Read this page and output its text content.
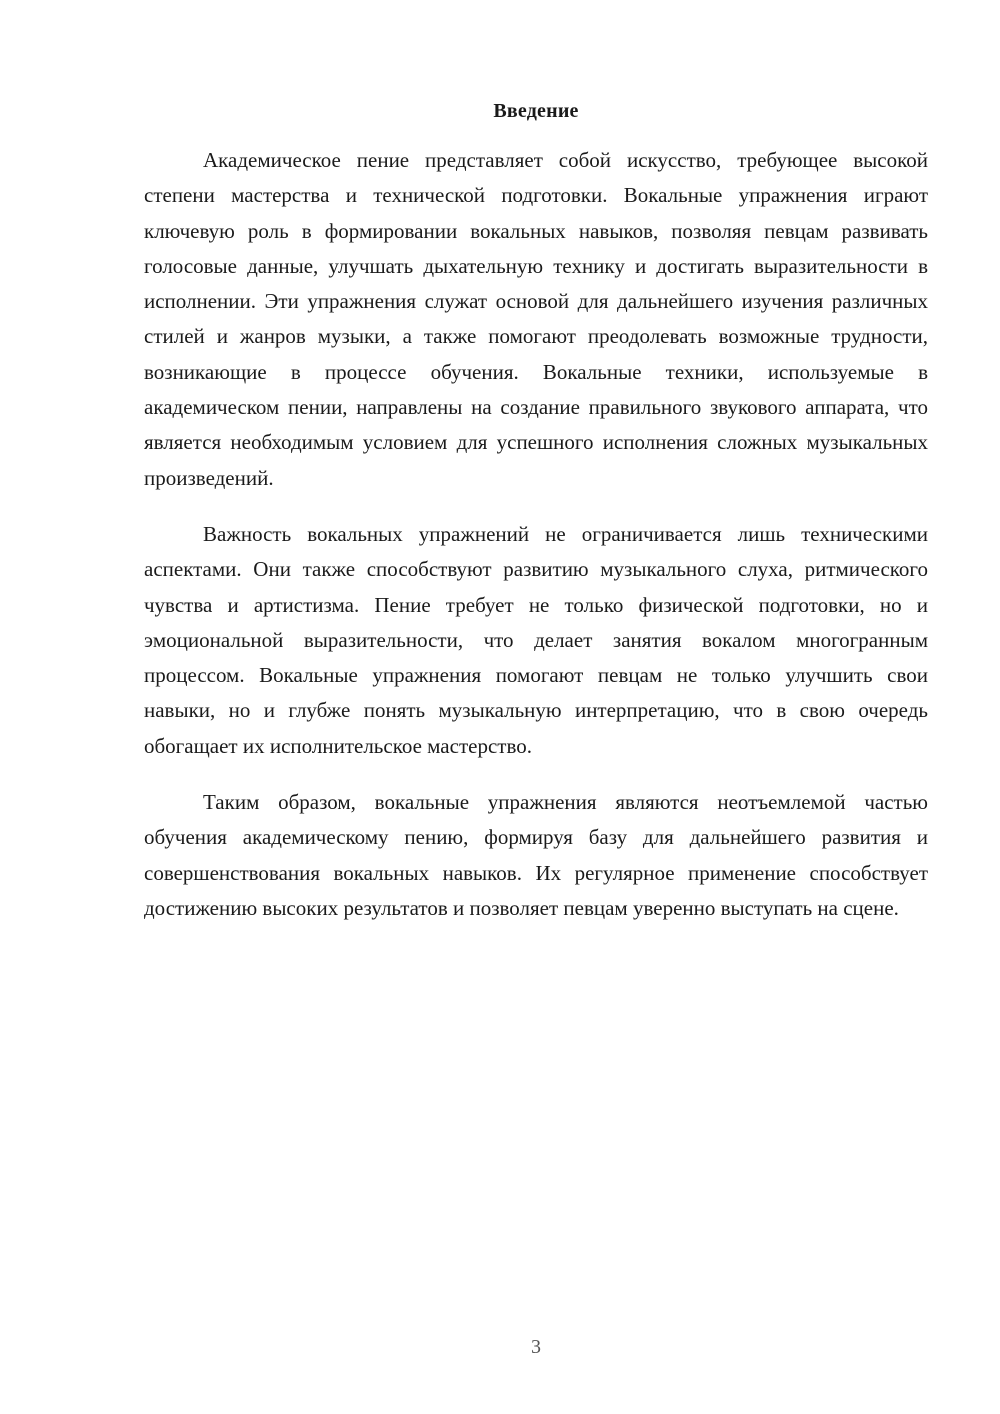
Введение

Академическое пение представляет собой искусство, требующее высокой степени мастерства и технической подготовки. Вокальные упражнения играют ключевую роль в формировании вокальных навыков, позволяя певцам развивать голосовые данные, улучшать дыхательную технику и достигать выразительности в исполнении. Эти упражнения служат основой для дальнейшего изучения различных стилей и жанров музыки, а также помогают преодолевать возможные трудности, возникающие в процессе обучения. Вокальные техники, используемые в академическом пении, направлены на создание правильного звукового аппарата, что является необходимым условием для успешного исполнения сложных музыкальных произведений.

Важность вокальных упражнений не ограничивается лишь техническими аспектами. Они также способствуют развитию музыкального слуха, ритмического чувства и артистизма. Пение требует не только физической подготовки, но и эмоциональной выразительности, что делает занятия вокалом многогранным процессом. Вокальные упражнения помогают певцам не только улучшить свои навыки, но и глубже понять музыкальную интерпретацию, что в свою очередь обогащает их исполнительское мастерство.

Таким образом, вокальные упражнения являются неотъемлемой частью обучения академическому пению, формируя базу для дальнейшего развития и совершенствования вокальных навыков. Их регулярное применение способствует достижению высоких результатов и позволяет певцам уверенно выступать на сцене.

3
